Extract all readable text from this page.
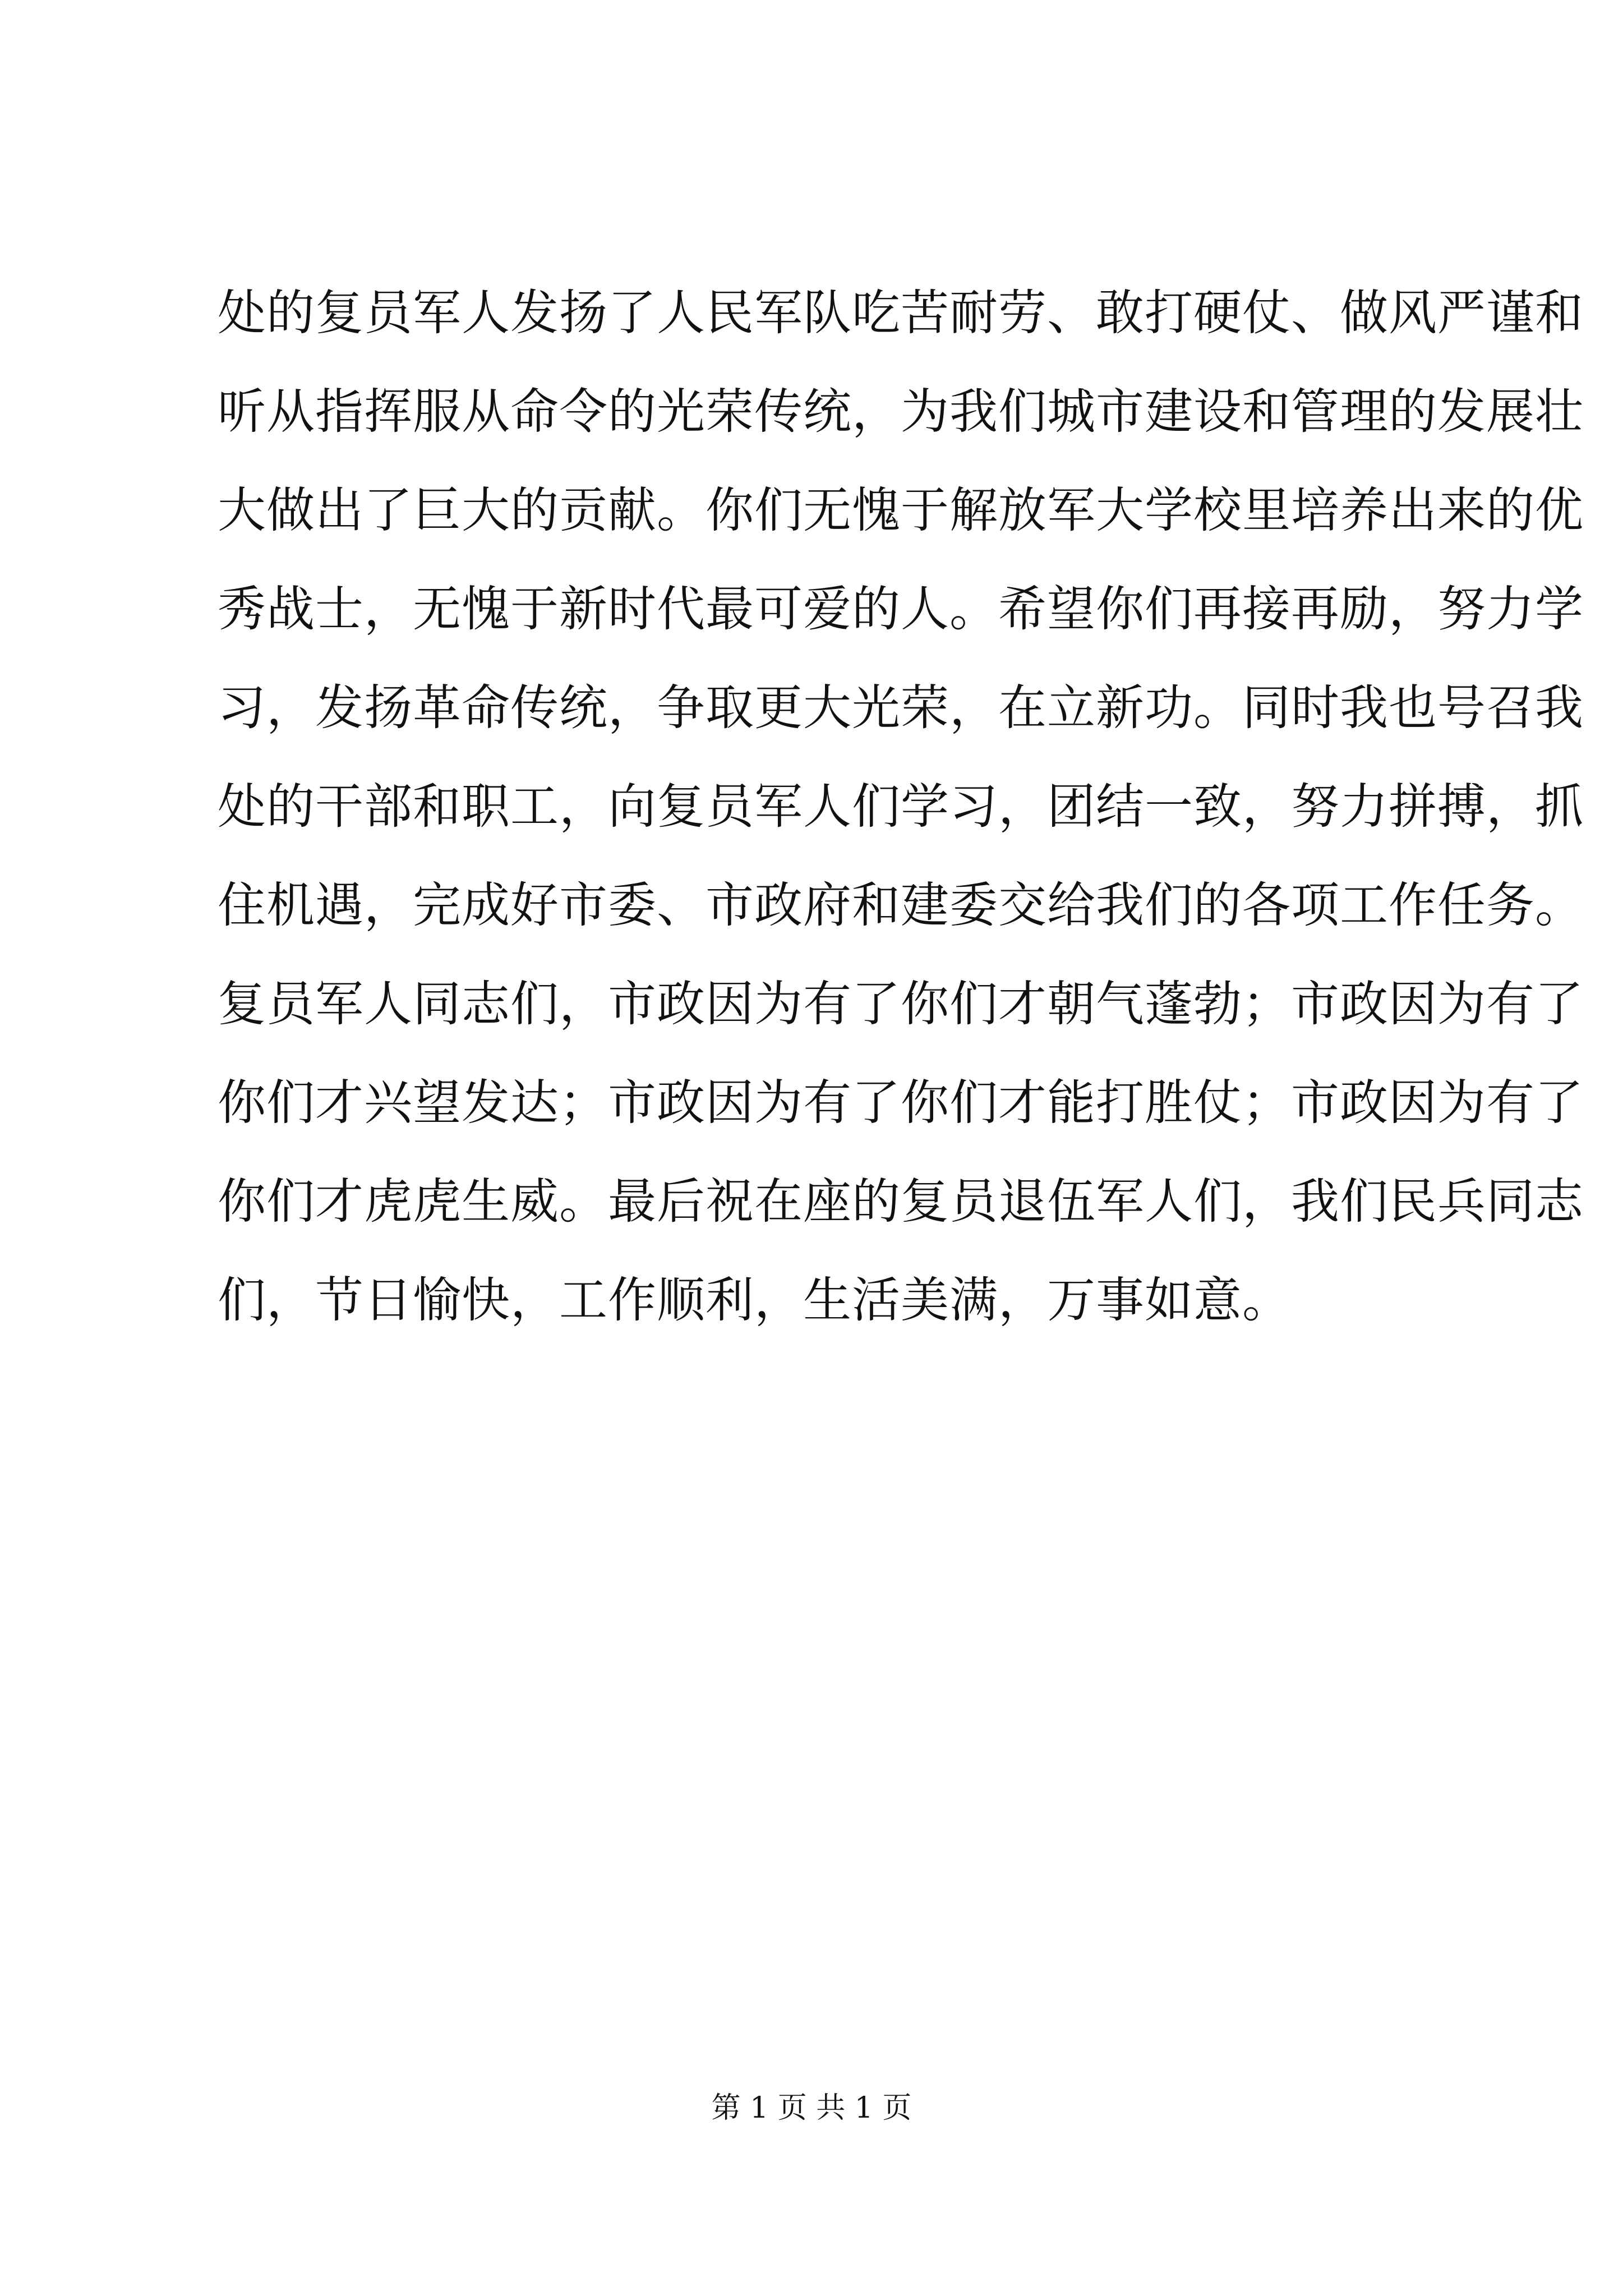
处的复员军人发扬了人民军队吃苦耐劳、敢打硬仗、做风严谨和
听从指挥服从命令的光荣传统，为我们城市建设和管理的发展壮
大做出了巨大的贡献。你们无愧于解放军大学校里培养出来的优
秀战士，无愧于新时代最可爱的人。希望你们再接再励，努力学
习，发扬革命传统，争取更大光荣，在立新功。同时我也号召我
处的干部和职工，向复员军人们学习，团结一致，努力拼搏，抓
住机遇，完成好市委、市政府和建委交给我们的各项工作任务。
复员军人同志们，市政因为有了你们才朝气蓬勃；市政因为有了
你们才兴望发达；市政因为有了你们才能打胜仗；市政因为有了
你们才虎虎生威。最后祝在座的复员退伍军人们，我们民兵同志
们，节日愉快，工作顺利，生活美满，万事如意。
第 1 页 共 1 页
